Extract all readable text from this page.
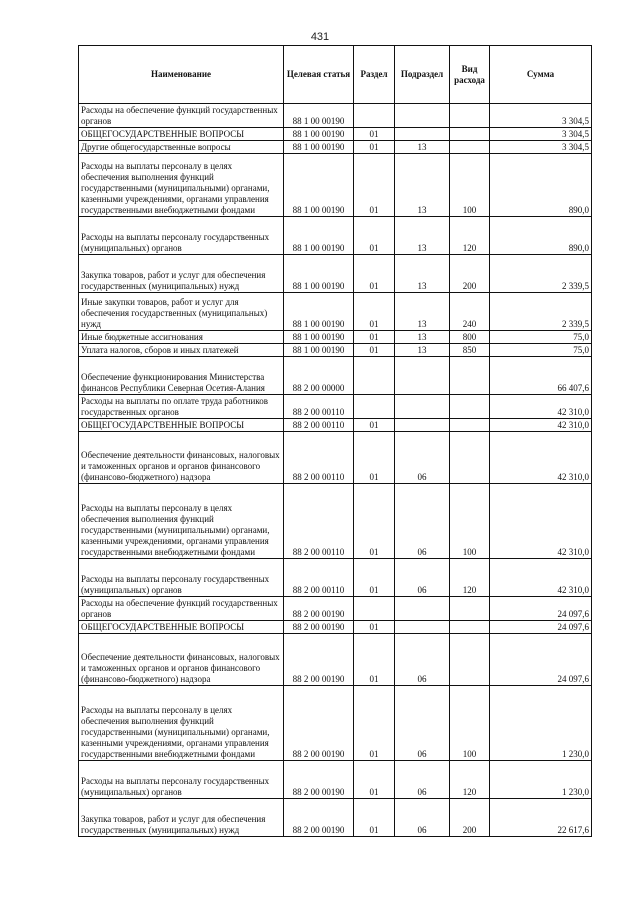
431
Наименование	Целевая статья	Раздел	Подраздел	Вид расхода	Сумма

Расходы на обеспечение функций государственных органов	88 1 00 00190				3 304,5

ОБЩЕГОСУДАРСТВЕННЫЕ ВОПРОСЫ	88 1 00 00190	01			3 304,5

Другие общегосударственные вопросы	88 1 00 00190	01	13		3 304,5

Расходы на выплаты персоналу в целях обеспечения выполнения функций государственными (муниципальными) органами, казенными учреждениями, органами управления государственными внебюджетными фондами	88 1 00 00190	01	13	100	890,0

Расходы на выплаты персоналу государственных (муниципальных) органов	88 1 00 00190	01	13	120	890,0

Закупка товаров, работ и услуг для обеспечения государственных (муниципальных) нужд	88 1 00 00190	01	13	200	2 339,5

Иные закупки товаров, работ и услуг для обеспечения государственных (муниципальных) нужд	88 1 00 00190	01	13	240	2 339,5

Иные бюджетные ассигнования	88 1 00 00190	01	13	800	75,0

Уплата налогов, сборов и иных платежей	88 1 00 00190	01	13	850	75,0

Обеспечение функционирования Министерства финансов Республики Северная Осетия-Алания	88 2 00 00000				66 407,6

Расходы на выплаты по оплате труда работников государственных органов	88 2 00 00110				42 310,0

ОБЩЕГОСУДАРСТВЕННЫЕ ВОПРОСЫ	88 2 00 00110	01			42 310,0

Обеспечение деятельности финансовых, налоговых и таможенных органов и органов финансового (финансово-бюджетного) надзора	88 2 00 00110	01	06		42 310,0

Расходы на выплаты персоналу в целях обеспечения выполнения функций государственными (муниципальными) органами, казенными учреждениями, органами управления государственными внебюджетными фондами	88 2 00 00110	01	06	100	42 310,0

Расходы на выплаты персоналу государственных (муниципальных) органов	88 2 00 00110	01	06	120	42 310,0

Расходы на обеспечение функций государственных органов	88 2 00 00190				24 097,6

ОБЩЕГОСУДАРСТВЕННЫЕ ВОПРОСЫ	88 2 00 00190	01			24 097,6

Обеспечение деятельности финансовых, налоговых и таможенных органов и органов финансового (финансово-бюджетного) надзора	88 2 00 00190	01	06		24 097,6

Расходы на выплаты персоналу в целях обеспечения выполнения функций государственными (муниципальными) органами, казенными учреждениями, органами управления государственными внебюджетными фондами	88 2 00 00190	01	06	100	1 230,0

Расходы на выплаты персоналу государственных (муниципальных) органов	88 2 00 00190	01	06	120	1 230,0

Закупка товаров, работ и услуг для обеспечения государственных (муниципальных) нужд	88 2 00 00190	01	06	200	22 617,6
